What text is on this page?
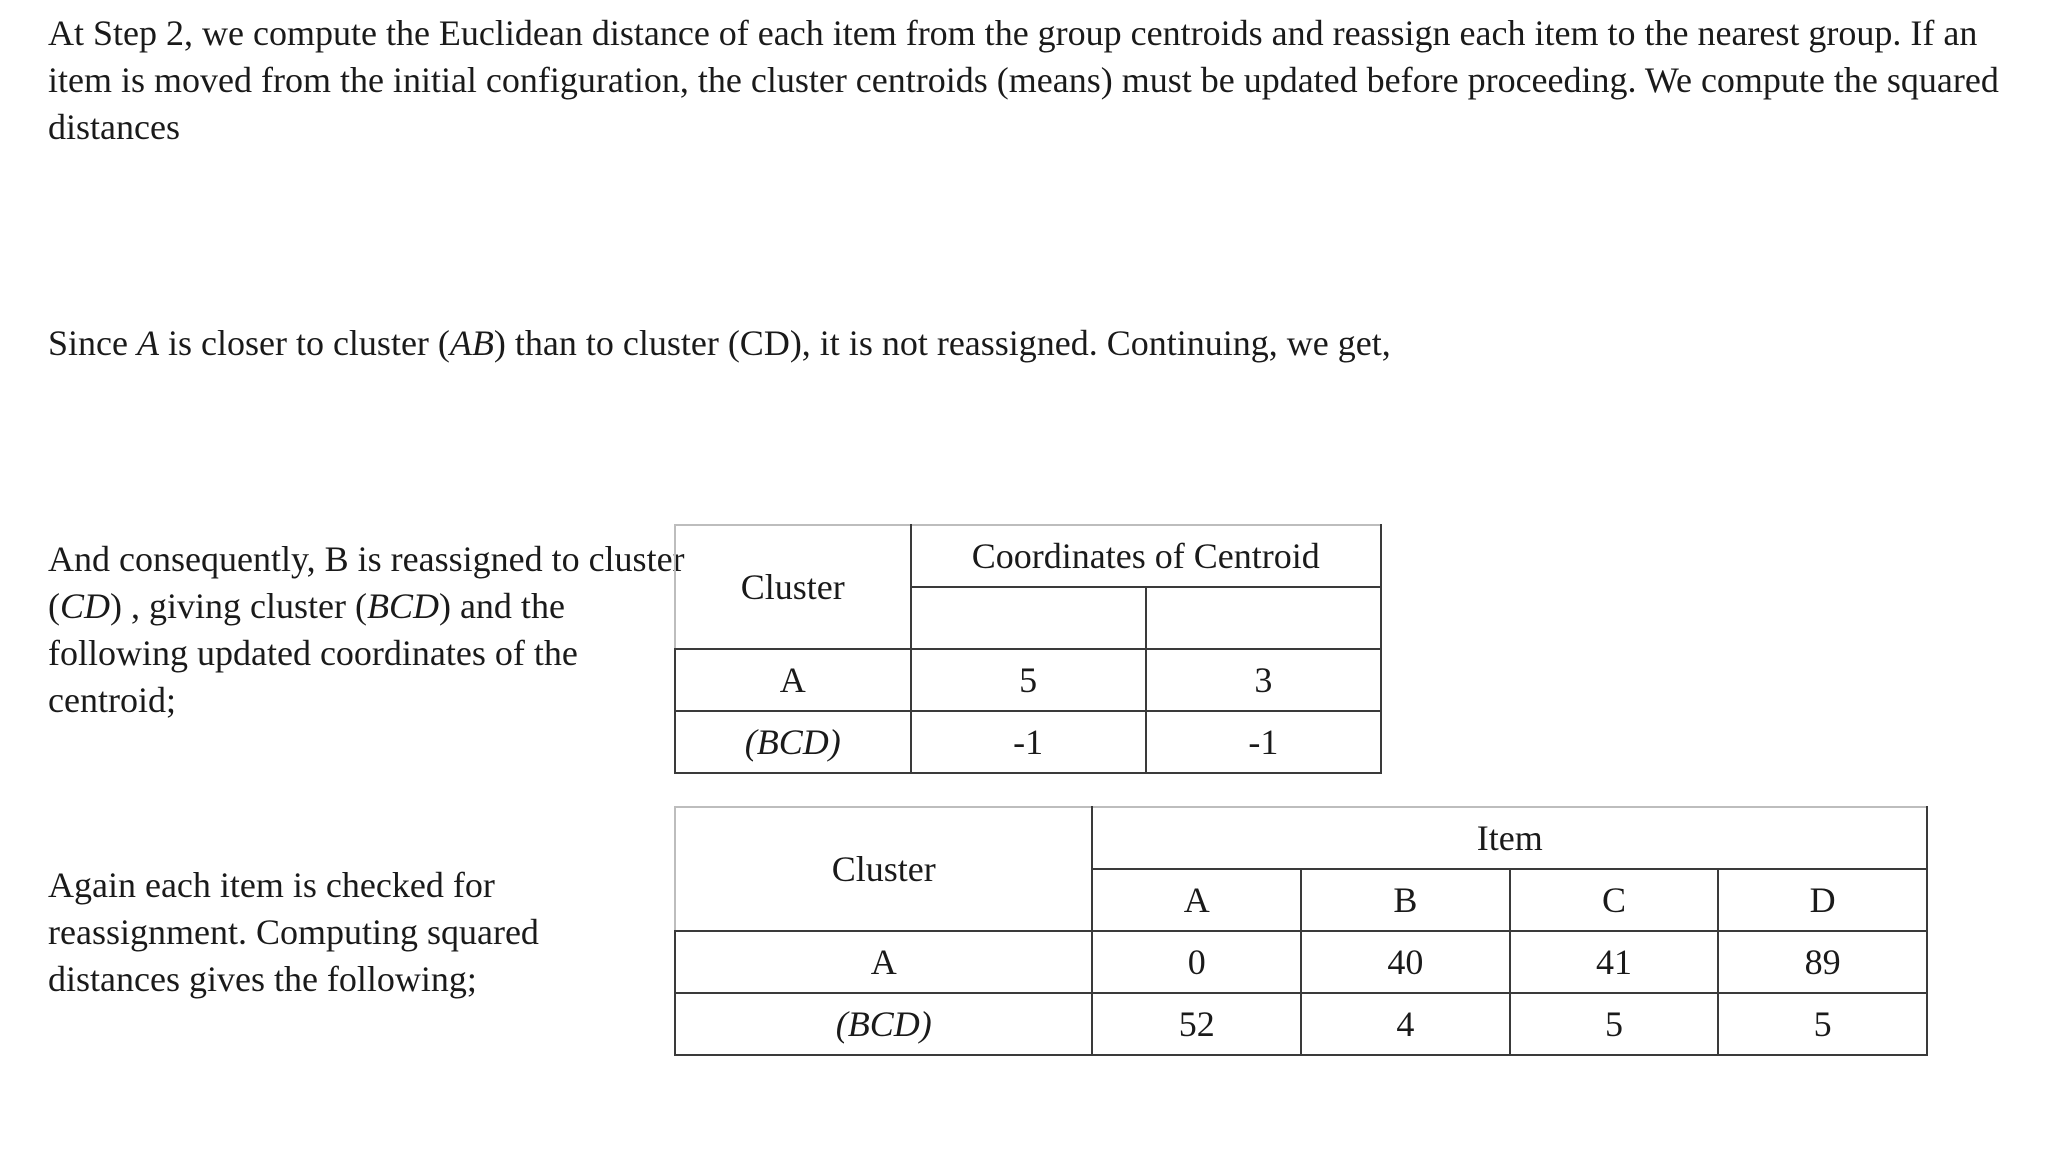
At Step 2, we compute the Euclidean distance of each item from the group centroids and reassign each item to the nearest group. If an item is moved from the initial configuration, the cluster centroids (means) must be updated before proceeding. We compute the squared distances

Since A is closer to cluster (AB) than to cluster (CD), it is not reassigned. Continuing, we get,

And consequently, B is reassigned to cluster (CD) , giving cluster (BCD) and the following updated coordinates of the centroid;

Again each item is checked for reassignment. Computing squared distances gives the following;

Cluster	Coordinates of Centroid	

A	5	3
(BCD)	-1	-1
Cluster	Item			
	A	B	C	D
A	0	40	41	89
(BCD)	52	4	5	5
